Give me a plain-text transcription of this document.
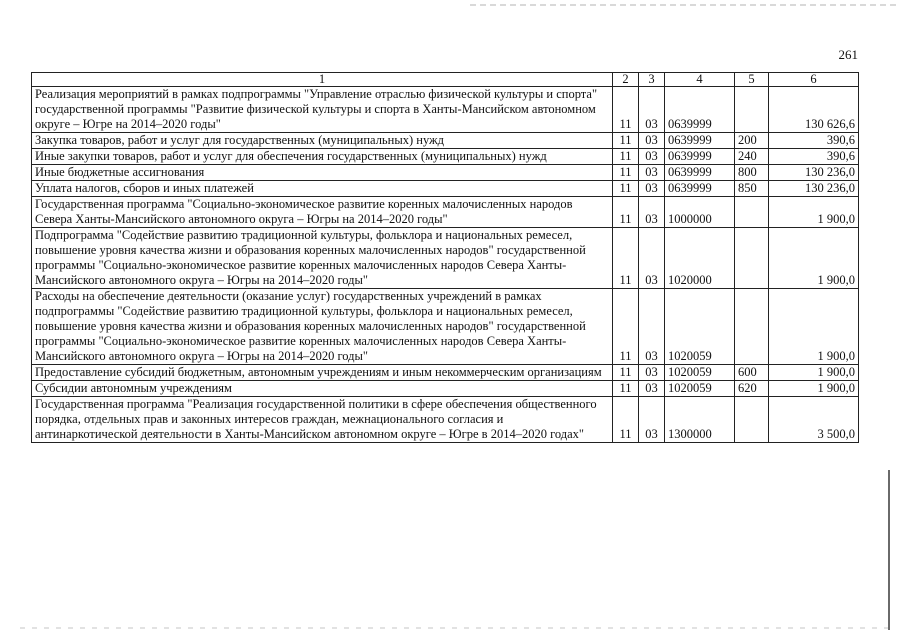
261
1	2	3	4	5	6
Реализация мероприятий в рамках подпрограммы "Управление отраслью физической культуры и спорта" государственной программы "Развитие физической культуры и спорта в Ханты-Мансийском автономном округе – Югре на 2014–2020 годы"	11	03	0639999		130 626,6
Закупка товаров, работ и услуг для государственных (муниципальных) нужд	11	03	0639999	200	390,6
Иные закупки товаров, работ и услуг для обеспечения государственных (муниципальных) нужд	11	03	0639999	240	390,6
Иные бюджетные ассигнования	11	03	0639999	800	130 236,0
Уплата налогов, сборов и иных платежей	11	03	0639999	850	130 236,0
Государственная программа "Социально-экономическое развитие коренных малочисленных народов Севера Ханты-Мансийского автономного округа – Югры на 2014–2020 годы"	11	03	1000000		1 900,0
Подпрограмма "Содействие развитию традиционной культуры, фольклора и национальных ремесел, повышение уровня качества жизни и образования коренных малочисленных народов" государственной программы "Социально-экономическое развитие коренных малочисленных народов Севера Ханты-Мансийского автономного округа – Югры на 2014–2020 годы"	11	03	1020000		1 900,0
Расходы на обеспечение деятельности (оказание услуг) государственных учреждений в рамках подпрограммы "Содействие развитию традиционной культуры, фольклора и национальных ремесел, повышение уровня качества жизни и образования коренных малочисленных народов" государственной программы "Социально-экономическое развитие коренных малочисленных народов Севера Ханты-Мансийского автономного округа – Югры на 2014–2020 годы"	11	03	1020059		1 900,0
Предоставление субсидий бюджетным, автономным учреждениям и иным некоммерческим организациям	11	03	1020059	600	1 900,0
Субсидии автономным учреждениям	11	03	1020059	620	1 900,0
Государственная программа "Реализация государственной политики в сфере обеспечения общественного порядка, отдельных прав и законных интересов граждан, межнационального согласия и антинаркотической деятельности в Ханты-Мансийском автономном округе – Югре в 2014–2020 годах"	11	03	1300000		3 500,0
